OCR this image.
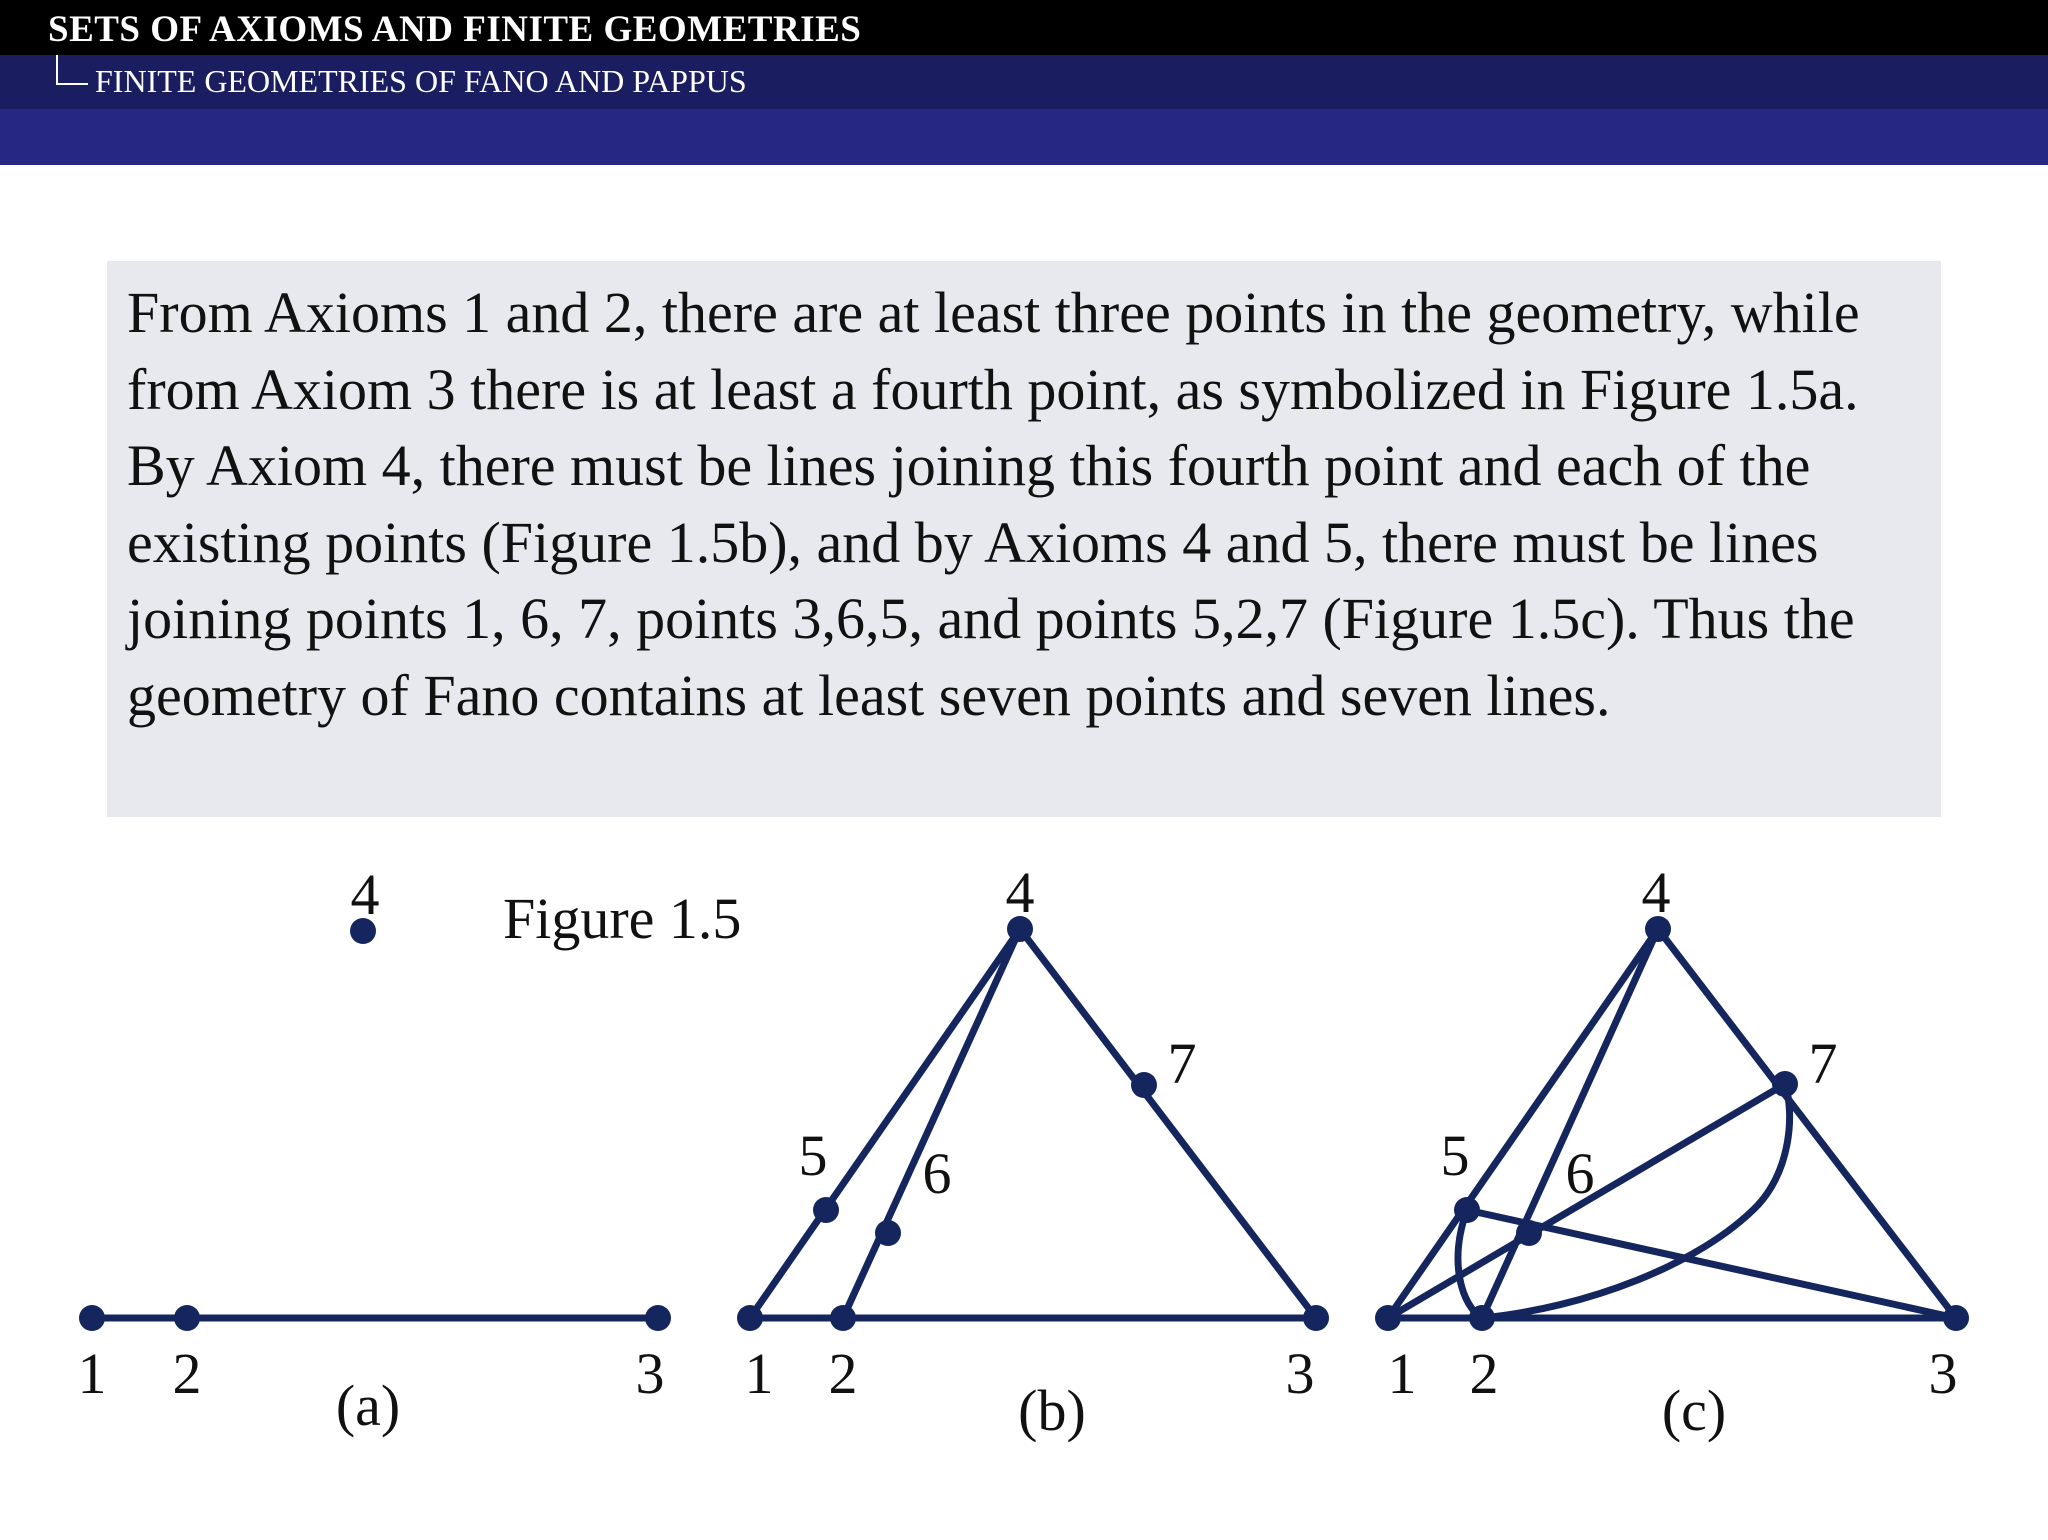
SETS OF AXIOMS AND FINITE GEOMETRIES
FINITE GEOMETRIES OF FANO AND PAPPUS

From Axioms 1 and 2, there are at least three points in the geometry, while from Axiom 3 there is at least a fourth point, as symbolized in Figure 1.5a. By Axiom 4, there must be lines joining this fourth point and each of the existing points (Figure 1.5b), and by Axioms 4 and 5, there must be lines joining points 1, 6, 7, points 3,6,5, and points 5,2,7 (Figure 1.5c). Thus the geometry of Fano contains at least seven points and seven lines.

Figure 1.5
1 2	3
4
(a)	1 2	3
4
5 6
7
(b)
1 2	3
4
5 6
7
(c)
